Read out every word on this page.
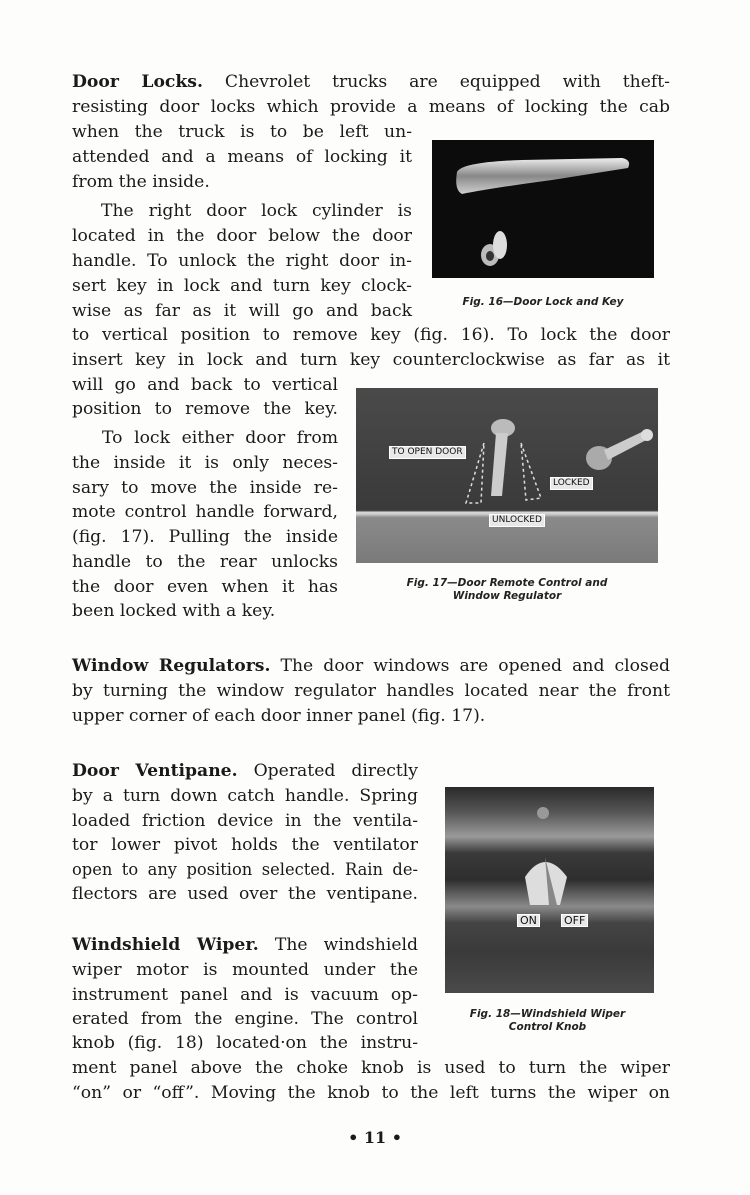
Door Locks. Chevrolet trucks are equipped with theft-
resisting door locks which provide a means of locking the cab
when the truck is to be left un-
attended and a means of locking it
from the inside.
The right door lock cylinder is
located in the door below the door
handle. To unlock the right door in-
sert key in lock and turn key clock-
wise as far as it will go and back
to vertical position to remove key (fig. 16). To lock the door
insert key in lock and turn key counterclockwise as far as it
will go and back to vertical
position to remove the key.
To lock either door from
the inside it is only neces-
sary to move the inside re-
mote control handle forward,
(fig. 17). Pulling the inside
handle to the rear unlocks
the door even when it has
been locked with a key.
Fig. 16—Door Lock and Key
TO OPEN DOOR
LOCKED
UNLOCKED
Fig. 17—Door Remote Control and
Window Regulator
Window Regulators. The door windows are opened and closed
by turning the window regulator handles located near the front
upper corner of each door inner panel (fig. 17).
Door Ventipane. Operated directly
by a turn down catch handle. Spring
loaded friction device in the ventila-
tor lower pivot holds the ventilator
open to any position selected. Rain de-
flectors are used over the ventipane.
ON OFF
Fig. 18—Windshield Wiper
Control Knob
Windshield Wiper. The windshield
wiper motor is mounted under the
instrument panel and is vacuum op-
erated from the engine. The control
knob (fig. 18) located·on the instru-
ment panel above the choke knob is used to turn the wiper
“on” or “off”. Moving the knob to the left turns the wiper on
• 11 •
